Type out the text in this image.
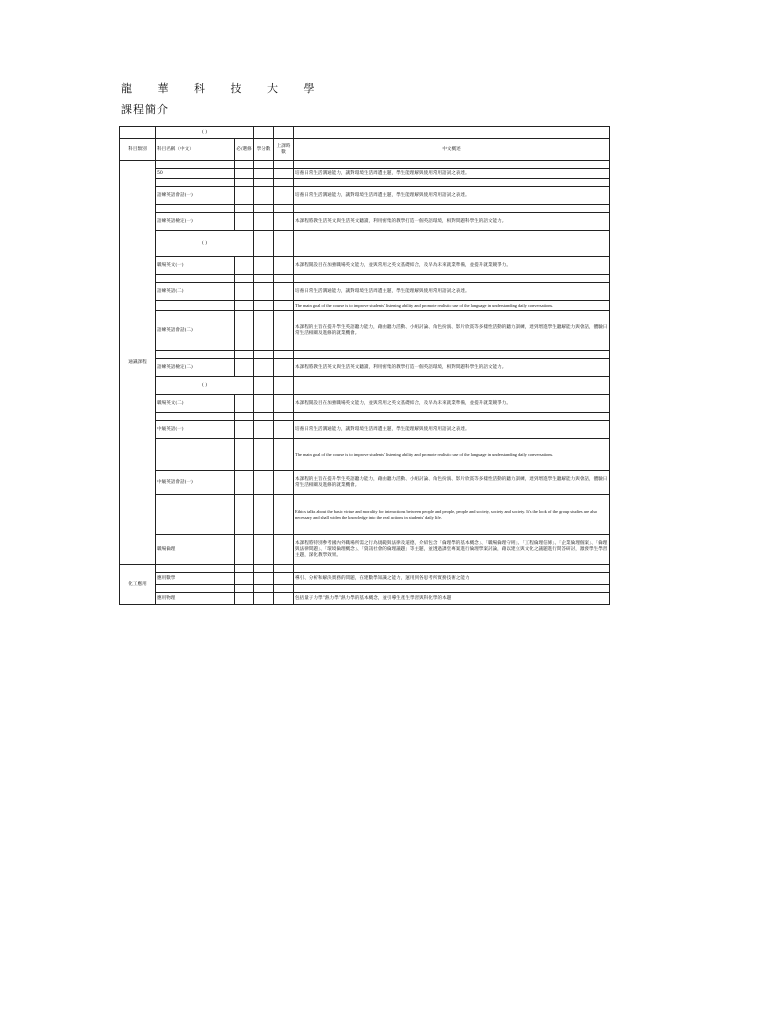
龍 華 科 技 大 學
課程簡介
	( )				
科目類別	科目名稱（中文）	必/選修	學分數	上課時數	中文概述
通識課程					
	50				培養日常生活溝通能力，讓對環境生活周遭主題，學生能理解與使用常用語詞之表達。

	語練英語會話(一)				培養日常生活溝通能力，讓對環境生活周遭主題，學生能理解與使用常用語詞之表達。

	語練英語檢定(一)				本課程將教生活英文與生活英文聽讀，利用密集的教學打造一個英語環境，相對問題科學生的語文能力。
	( )				
	職場英文(一)				本課程開設目在加強職場英文能力，並與常用之英文基礎結合，及早為未來就業準備，並提升就業競爭力。

	語練英語(二)				培養日常生活溝通能力，讓對環境生活周遭主題，學生能理解與使用常用語詞之表達。
					The main goal of the course is to improve students' listening ability and promote realistic use of the language in understanding daily conversations.
	語練英語會話(二)				本課程的主旨在提升學生英語聽力能力，藉由聽力活動、小組討論、角色扮演、影片欣賞等多樣性活動的聽力訓練，達到增進學生聽解能力與會話，體驗日常生活相關及進修的就業機會。

	語練英語檢定(二)				本課程將教生活英文與生活英文聽讀，利用密集的教學打造一個英語環境，相對問題科學生的語文能力。
	( )				
	職場英文(二)				本課程開設目在加強職場英文能力，並與常用之英文基礎結合，及早為未來就業準備，並提升就業競爭力。

	中級英語(一)				培養日常生活溝通能力，讓對環境生活周遭主題，學生能理解與使用常用語詞之表達。
					The main goal of the course is to improve students' listening ability and promote realistic use of the language in understanding daily conversations.
	中級英語會話(一)				本課程的主旨在提升學生英語聽力能力，藉由聽力活動、小組討論、角色扮演、影片欣賞等多樣性活動的聽力訓練，達到增進學生聽解能力與會話，體驗日常生活相關及進修的就業機會。
					Ethics talks about the basic virtue and morality for interactions between people and people, people and society, society and society. It's the look of the group studies are also necessary and shall widen the knowledge into the real actions in students' daily life.
	職場倫理				本課程將特別參考國內外職場所需之行為規範與法律及道德，介紹包含「倫理學的基本概念」、「職場倫理守則」、「工程倫理信條」、「企業倫理個案」、「倫理與法律問題」、「環境倫理概念」、「資訊社會的倫理議題」等主題，並透過課堂專案進行倫理學案討論，藉以建立與文化之議題進行問答研討，激發學生學習主題，深化教學效果。
化工應用					
	應用數學				導引、分析和解決實務的問題，在建數學知識之能力，運用到各思考所實務技術之能力

	應用物理				包括量子力學“熱力學”熱力學的基本概念，並引導生產生學習與科化學的本題
